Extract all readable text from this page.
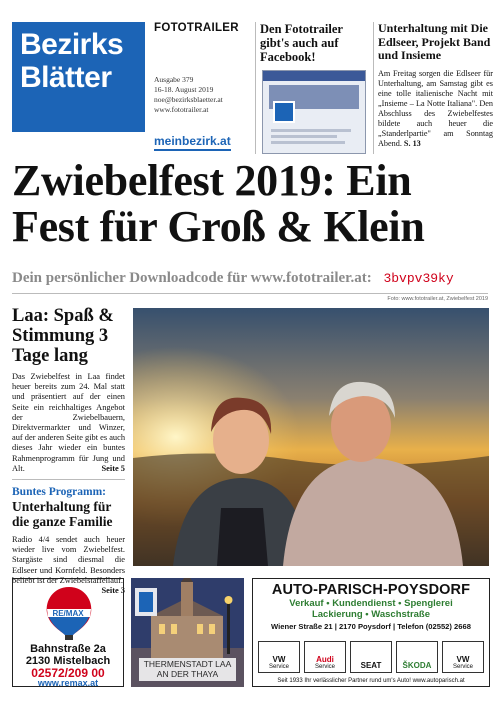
Bezirks
Blätter
FOTOTRAILER
Ausgabe 379
16-18. August 2019
noe@bezirksblaetter.at
www.fototrailer.at
meinbezirk.at
Den Fototrailer gibt's auch auf Facebook!
Unterhaltung mit Die Edlseer, Projekt Band und Insieme
Am Freitag sorgen die Edlseer für Unterhaltung, am Samstag gibt es eine tolle italienische Nacht mit „Insieme – La Notte Italiana". Den Abschluss des Zwiebelfestes bildete auch heuer die „Standerlpartie" am Sonntag Abend. S. 13
Zwiebelfest 2019: Ein Fest für Groß & Klein
Dein persönlicher Downloadcode für www.fototrailer.at: 3bvpv39ky
Foto: www.fototrailer.at, Zwiebelfest 2019
Laa: Spaß & Stimmung 3 Tage lang
Das Zwiebelfest in Laa findet heuer bereits zum 24. Mal statt und präsentiert auf der einen Seite ein reichhaltiges Angebot der Zwiebelbauern, Direktvermarkter und Winzer, auf der anderen Seite gibt es auch dieses Jahr wieder ein buntes Rahmenprogramm für Jung und Alt.	Seite 5
Buntes Programm:
Unterhaltung für die ganze Familie
Radio 4/4 sendet auch heuer wieder live vom Zwiebelfest. Stargäste sind diesmal die Edlseer und Kornfeld. Besonders beliebt ist der Zwiebelstaffellauf.
Seite 3
RE/MAX
Bahnstraße 2a
2130 Mistelbach
02572/209 00
www.remax.at
THERMENSTADT LAA AN DER THAYA
AUTO-PARISCH-POYSDORF
Verkauf • Kundendienst • Spenglerei
Lackierung • Waschstraße
Wiener Straße 21 | 2170 Poysdorf | Telefon (02552) 2668
VW
Service
Audi
Service	SEAT	ŠKODA
VW
Service
Seit 1933 Ihr verlässlicher Partner rund um's Auto! www.autoparisch.at
